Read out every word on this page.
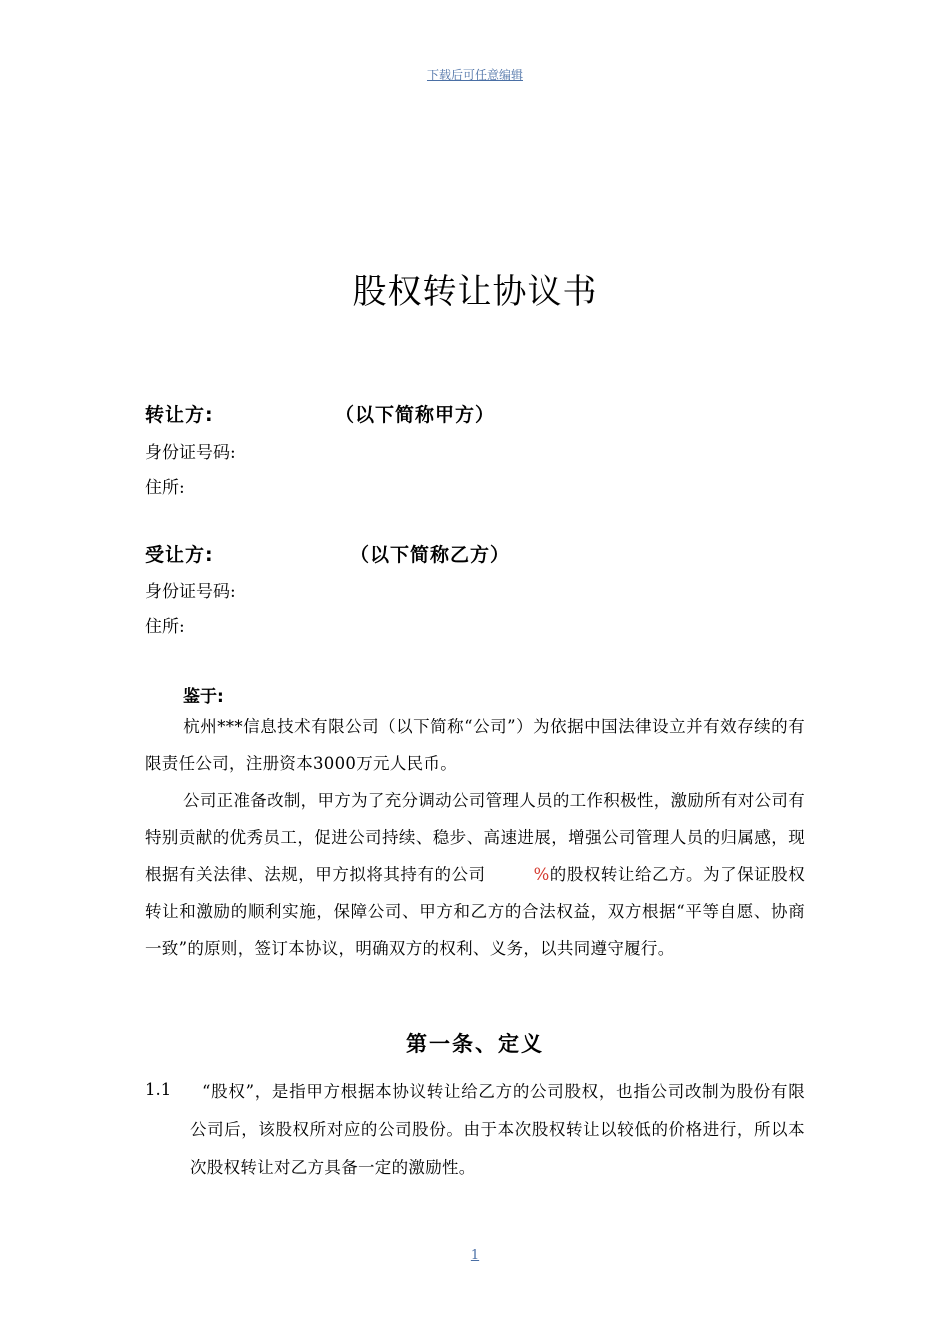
下载后可任意编辑
股权转让协议书
转让方:	（以下简称甲方）
身份证号码:
住所:
受让方:	（以下简称乙方）
身份证号码:
住所:
鉴于:

杭州***信息技术有限公司（以下简称“公司”）为依据中国法律设立并有效存续的有限责任公司，注册资本3000万元人民币。

公司正准备改制，甲方为了充分调动公司管理人员的工作积极性，激励所有对公司有特别贡献的优秀员工，促进公司持续、稳步、高速进展，增强公司管理人员的归属感，现根据有关法律、法规，甲方拟将其持有的公司	%的股权转让给乙方。为了保证股权转让和激励的顺利实施，保障公司、甲方和乙方的合法权益，双方根据“平等自愿、协商一致”的原则，签订本协议，明确双方的权利、义务，以共同遵守履行。

第一条、定义
1.1	“股权”，是指甲方根据本协议转让给乙方的公司股权，也指公司改制为股份有限公司后，该股权所对应的公司股份。由于本次股权转让以较低的价格进行，所以本次股权转让对乙方具备一定的激励性。

1
